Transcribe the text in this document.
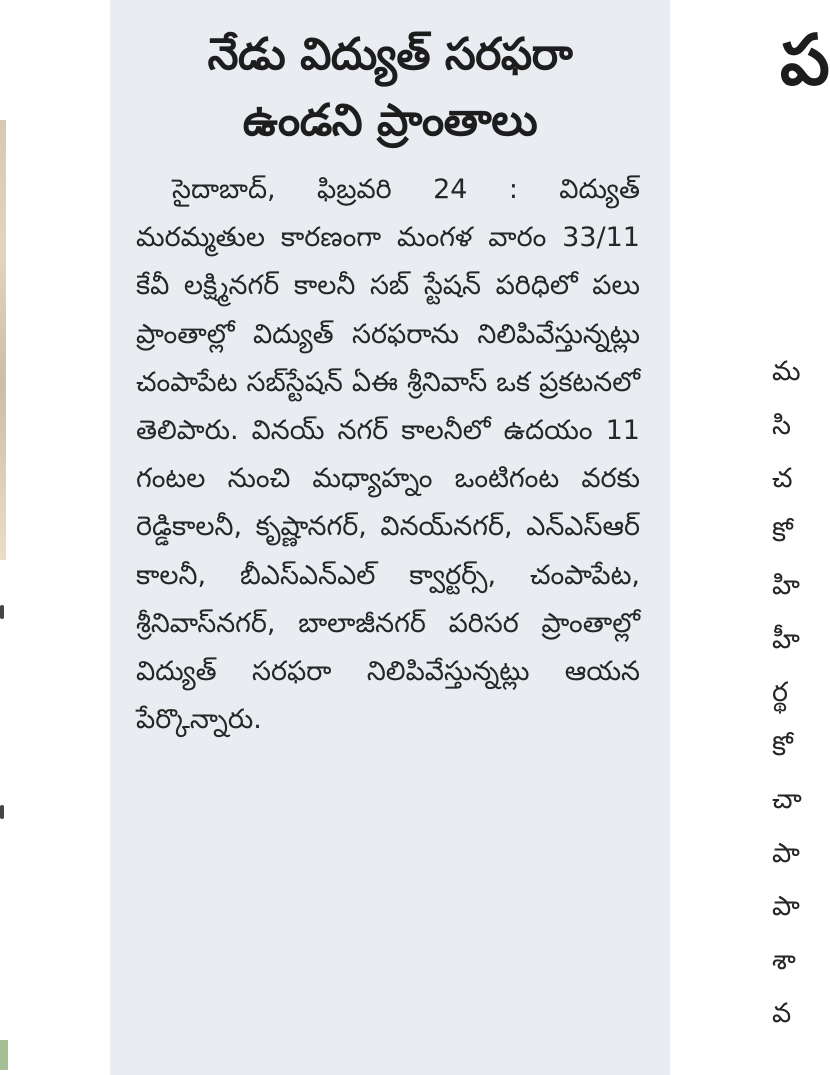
నేడు విద్యుత్ సరఫరా
ఉండని ప్రాంతాలు

సైదాబాద్, ఫిబ్రవరి 24 : విద్యుత్ మరమ్మతుల కారణంగా మంగళ వారం 33/11 కేవీ లక్ష్మినగర్ కాలనీ సబ్ స్టేషన్ పరిధిలో పలు ప్రాంతాల్లో విద్యుత్ సరఫరాను నిలిపివేస్తున్నట్లు చంపాపేట సబ్‌స్టేషన్ ఏఈ శ్రీనివాస్ ఒక ప్రకటనలో తెలిపారు. వినయ్ నగర్ కాలనీలో ఉదయం 11 గంటల నుంచి మధ్యాహ్నం ఒంటిగంట వరకు రెడ్డికాలనీ, కృష్ణానగర్, వినయ్‌నగర్, ఎన్‌ఎస్‌ఆర్ కాలనీ, బీఎస్‌ఎన్‌ఎల్ క్వార్టర్స్, చంపాపేట, శ్రీనివాస్‌నగర్, బాలాజీనగర్ పరిసర ప్రాంతాల్లో విద్యుత్ సరఫరా నిలిపివేస్తున్నట్లు ఆయన పేర్కొన్నారు.

ప
మ
సి
చ
కో
హి
హీ
ర్థ
కో
చా
పా
పా
శా
వ
